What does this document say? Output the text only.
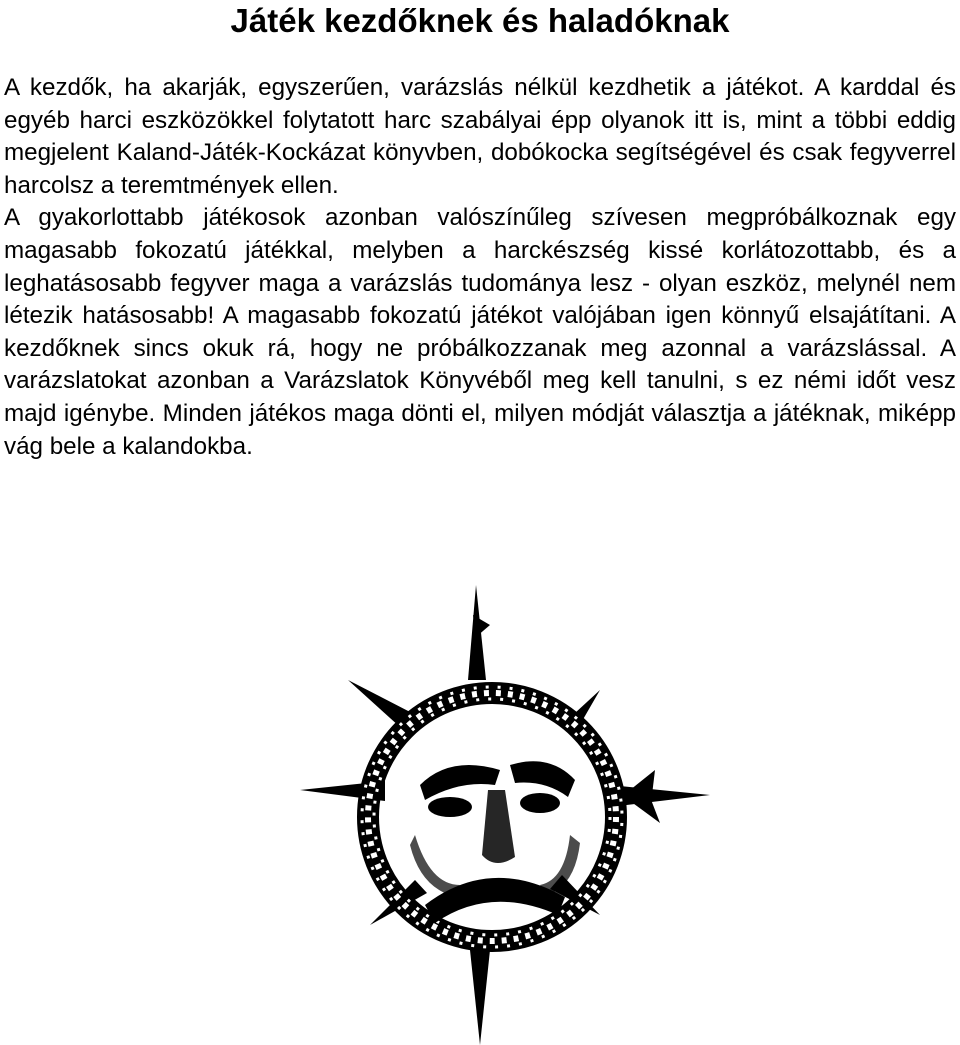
Játék kezdőknek és haladóknak
A kezdők, ha akarják, egyszerűen, varázslás nélkül kezdhetik a játékot. A karddal és egyéb harci eszközökkel folytatott harc szabályai épp olyanok itt is, mint a többi eddig megjelent Kaland-Játék-Kockázat könyvben, dobókocka segítségével és csak fegyverrel harcolsz a teremtmények ellen.
A gyakorlottabb játékosok azonban valószínűleg szívesen megpróbálkoznak egy magasabb fokozatú játékkal, melyben a harckészség kissé korlátozottabb, és a leghatásosabb fegyver maga a varázslás tudománya lesz - olyan eszköz, melynél nem létezik hatásosabb! A magasabb fokozatú játékot valójában igen könnyű elsajátítani. A kezdőknek sincs okuk rá, hogy ne próbálkozzanak meg azonnal a varázslással. A varázslatokat azonban a Varázslatok Könyvéből meg kell tanulni, s ez némi időt vesz majd igénybe. Minden játékos maga dönti el, milyen módját választja a játéknak, miképp vág bele a kalandokba.
